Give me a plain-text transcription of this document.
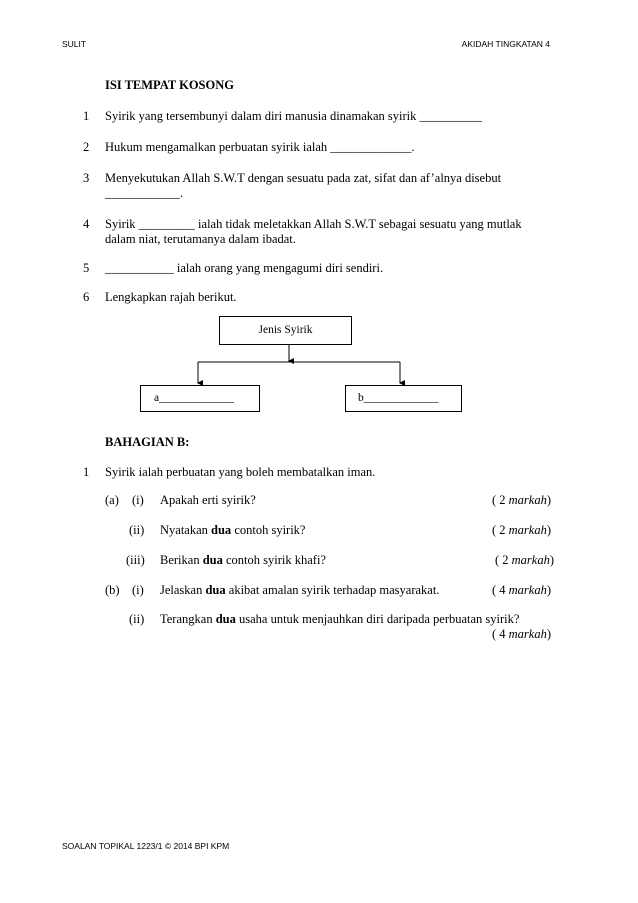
SULIT	AKIDAH TINGKATAN 4
ISI TEMPAT KOSONG
1 Syirik yang tersembunyi dalam diri manusia dinamakan syirik __________
2 Hukum mengamalkan perbuatan syirik ialah _____________.
3 Menyekutukan Allah S.W.T dengan sesuatu pada zat, sifat dan af’alnya disebut
____________.
4 Syirik _________ ialah tidak meletakkan Allah S.W.T sebagai sesuatu yang mutlak
dalam niat, terutamanya dalam ibadat.
5 ___________ ialah orang yang mengagumi diri sendiri.
6 Lengkapkan rajah berikut.
Jenis Syirik
a_____________	b_____________
BAHAGIAN B:
1 Syirik ialah perbuatan yang boleh membatalkan iman.
(a) (i) Apakah erti syirik?	( 2 markah)
(ii) Nyatakan dua contoh syirik?	( 2 markah)
(iii) Berikan dua contoh syirik khafi?	( 2 markah)
(b) (i) Jelaskan dua akibat amalan syirik terhadap masyarakat.	( 4 markah)
(ii) Terangkan dua usaha untuk menjauhkan diri daripada perbuatan syirik?
( 4 markah)
SOALAN TOPIKAL 1223/1 © 2014 BPI KPM
